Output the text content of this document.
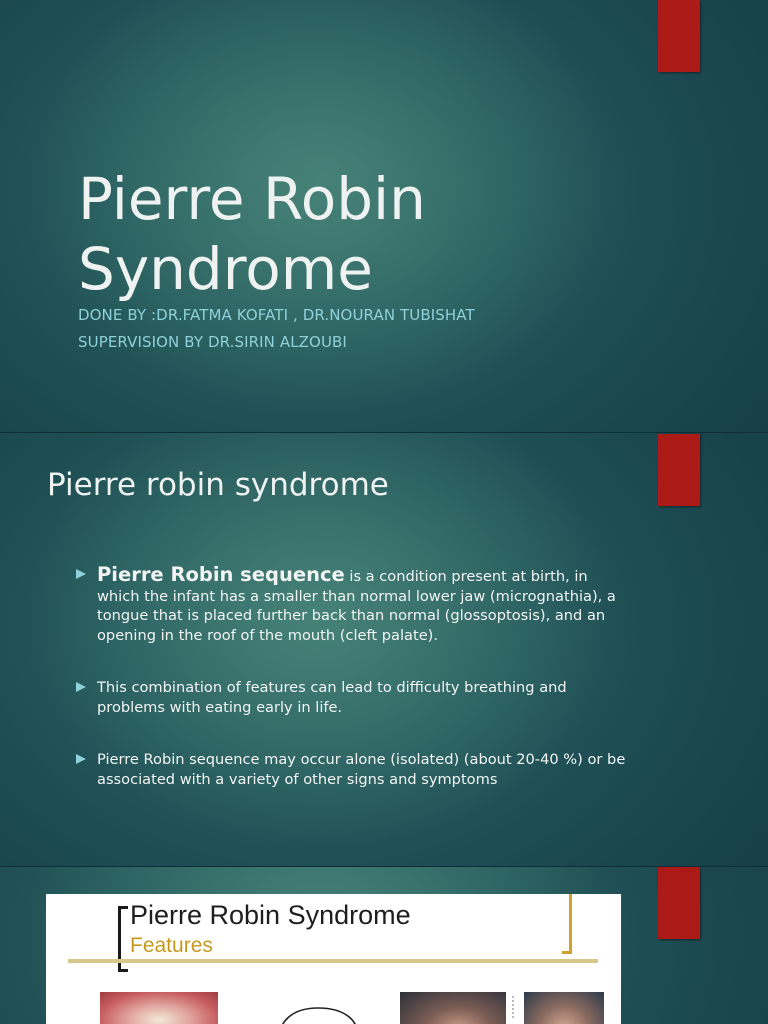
Pierre Robin Syndrome
DONE BY :DR.FATMA KOFATI , DR.NOURAN TUBISHAT
SUPERVISION BY DR.SIRIN ALZOUBI
Pierre robin syndrome
Pierre Robin sequence is a condition present at birth, in which the infant has a smaller than normal lower jaw (micrognathia), a tongue that is placed further back than normal (glossoptosis), and an opening in the roof of the mouth (cleft palate).
This combination of features can lead to difficulty breathing and problems with eating early in life.
Pierre Robin sequence may occur alone (isolated) (about 20-40 %) or be associated with a variety of other signs and symptoms
Pierre Robin Syndrome
Features
